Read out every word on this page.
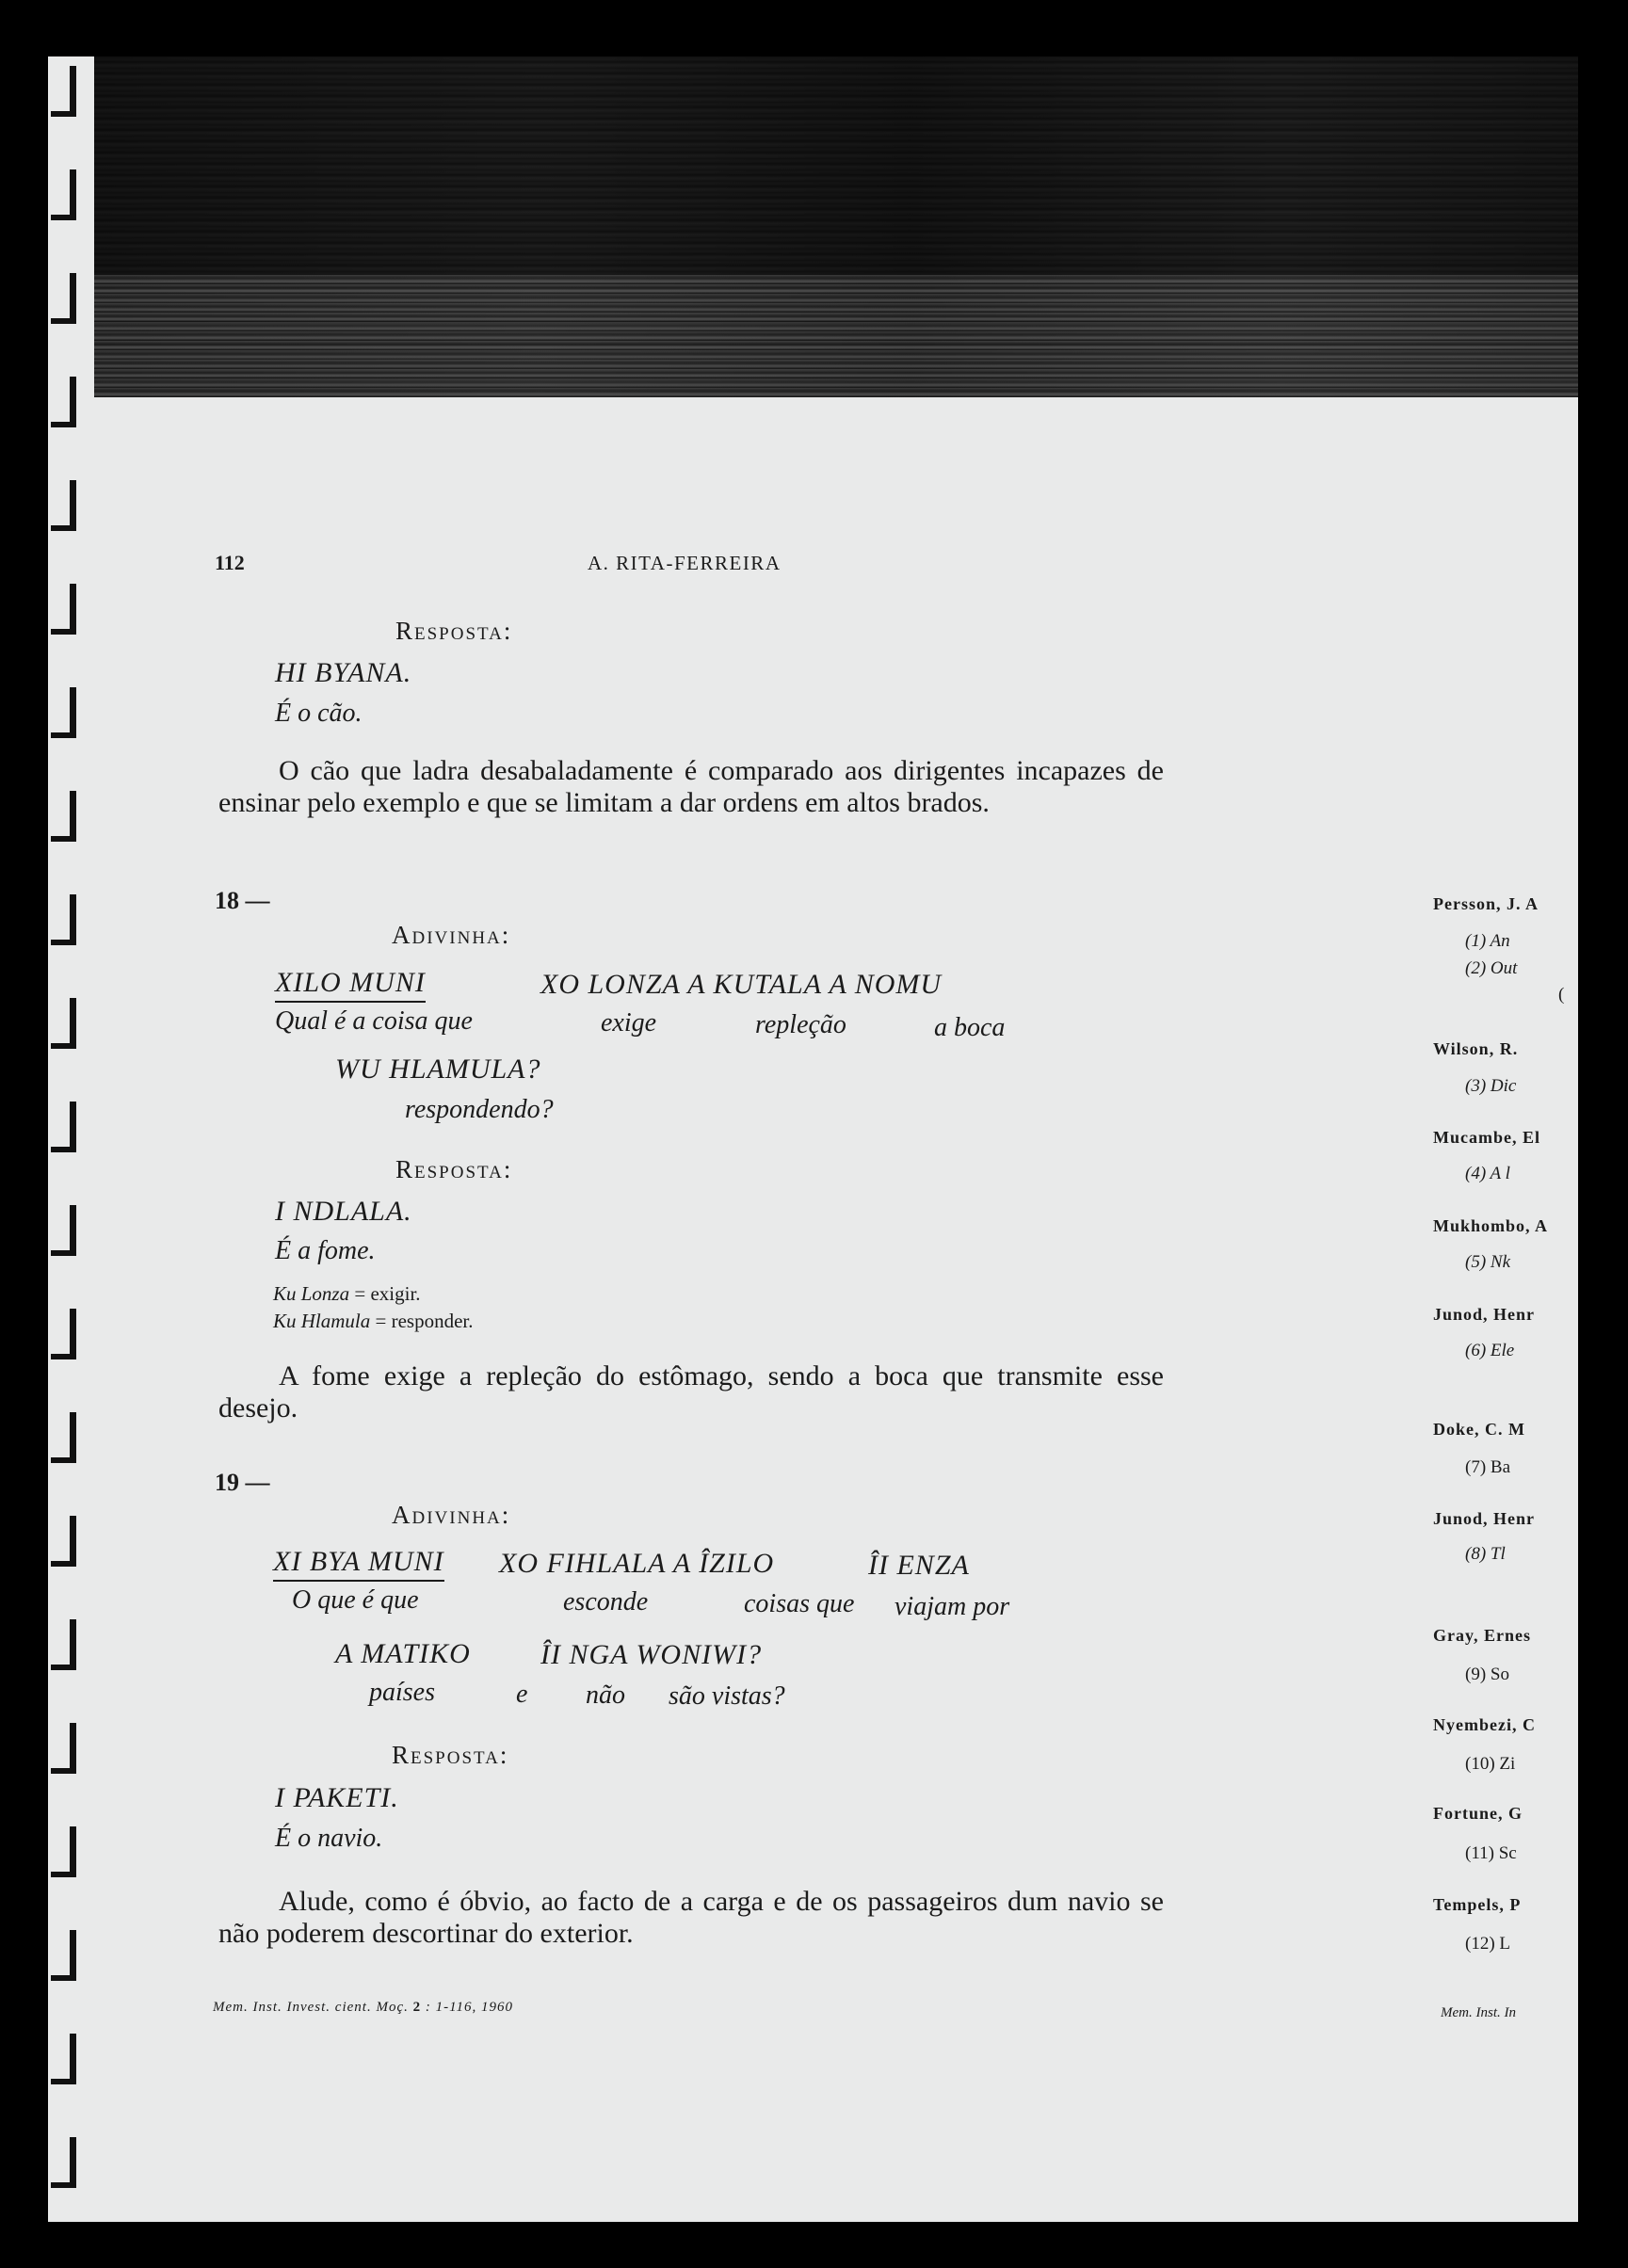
112	A. RITA-FERREIRA
Resposta:
HI BYANA.
É o cão.
O cão que ladra desabaladamente é comparado aos dirigentes incapazes de ensinar pelo exemplo e que se limitam a dar ordens em altos brados.
18 —
Adivinha:
XILO MUNI	XO LONZA A KUTALA A NOMU
Qual é a coisa que	exige	repleção	a boca
WU HLAMULA?
respondendo?
Resposta:
I NDLALA.
É a fome.
Ku Lonza = exigir.
Ku Hlamula = responder.
A fome exige a repleção do estômago, sendo a boca que transmite esse desejo.
19 —
Adivinha:
XI BYA MUNI XO FIHLALA A ÎZILO	ÎI ENZA
O que é que	esconde	coisas que viajam por
A MATIKO ÎI NGA WONIWI?
países	e não são vistas?
Resposta:
I PAKETI.
É o navio.
Alude, como é óbvio, ao facto de a carga e de os passageiros dum navio se não poderem descortinar do exterior.
Mem. Inst. Invest. cient. Moç. 2 : 1-116, 1960
Persson, J. A
(1) An
(2) Out
(
Wilson, R.
(3) Dic
Mucambe, El
(4) A l
Mukhombo, A
(5) Nk
Junod, Henr
(6) Ele
Doke, C. M
(7) Ba
Junod, Henr
(8) Tl
Gray, Ernes
(9) So
Nyembezi, C
(10) Zi
Fortune, G
(11) Sc
Tempels, P
(12) L
Mem. Inst. In
